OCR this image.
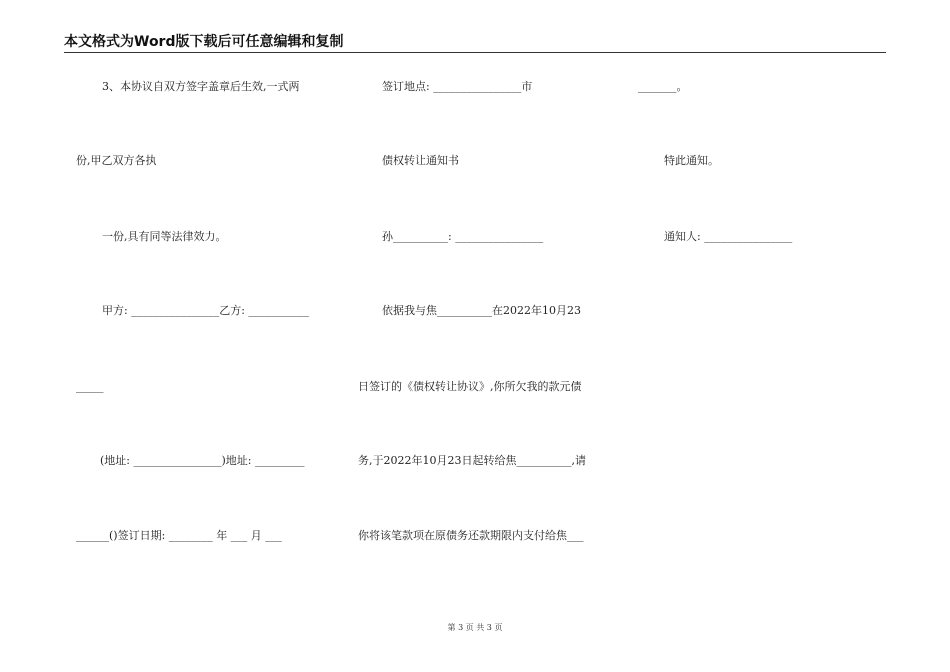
本文格式为Word版下载后可任意编辑和复制
3、本协议自双方签字盖章后生效,一式两
份,甲乙双方各执
一份,具有同等法律效力。
甲方: ________________乙方: ___________
_____
(地址: ________________)地址: _________
______()签订日期: ________ 年 ___ 月 ___
签订地点: ________________市
债权转让通知书
孙__________: ________________
依据我与焦__________在2022年10月23
日签订的《债权转让协议》,你所欠我的款元债
务,于2022年10月23日起转给焦__________,请
你将该笔款项在原债务还款期限内支付给焦___
_______。
特此通知。
通知人: ________________
第 3 页 共 3 页
